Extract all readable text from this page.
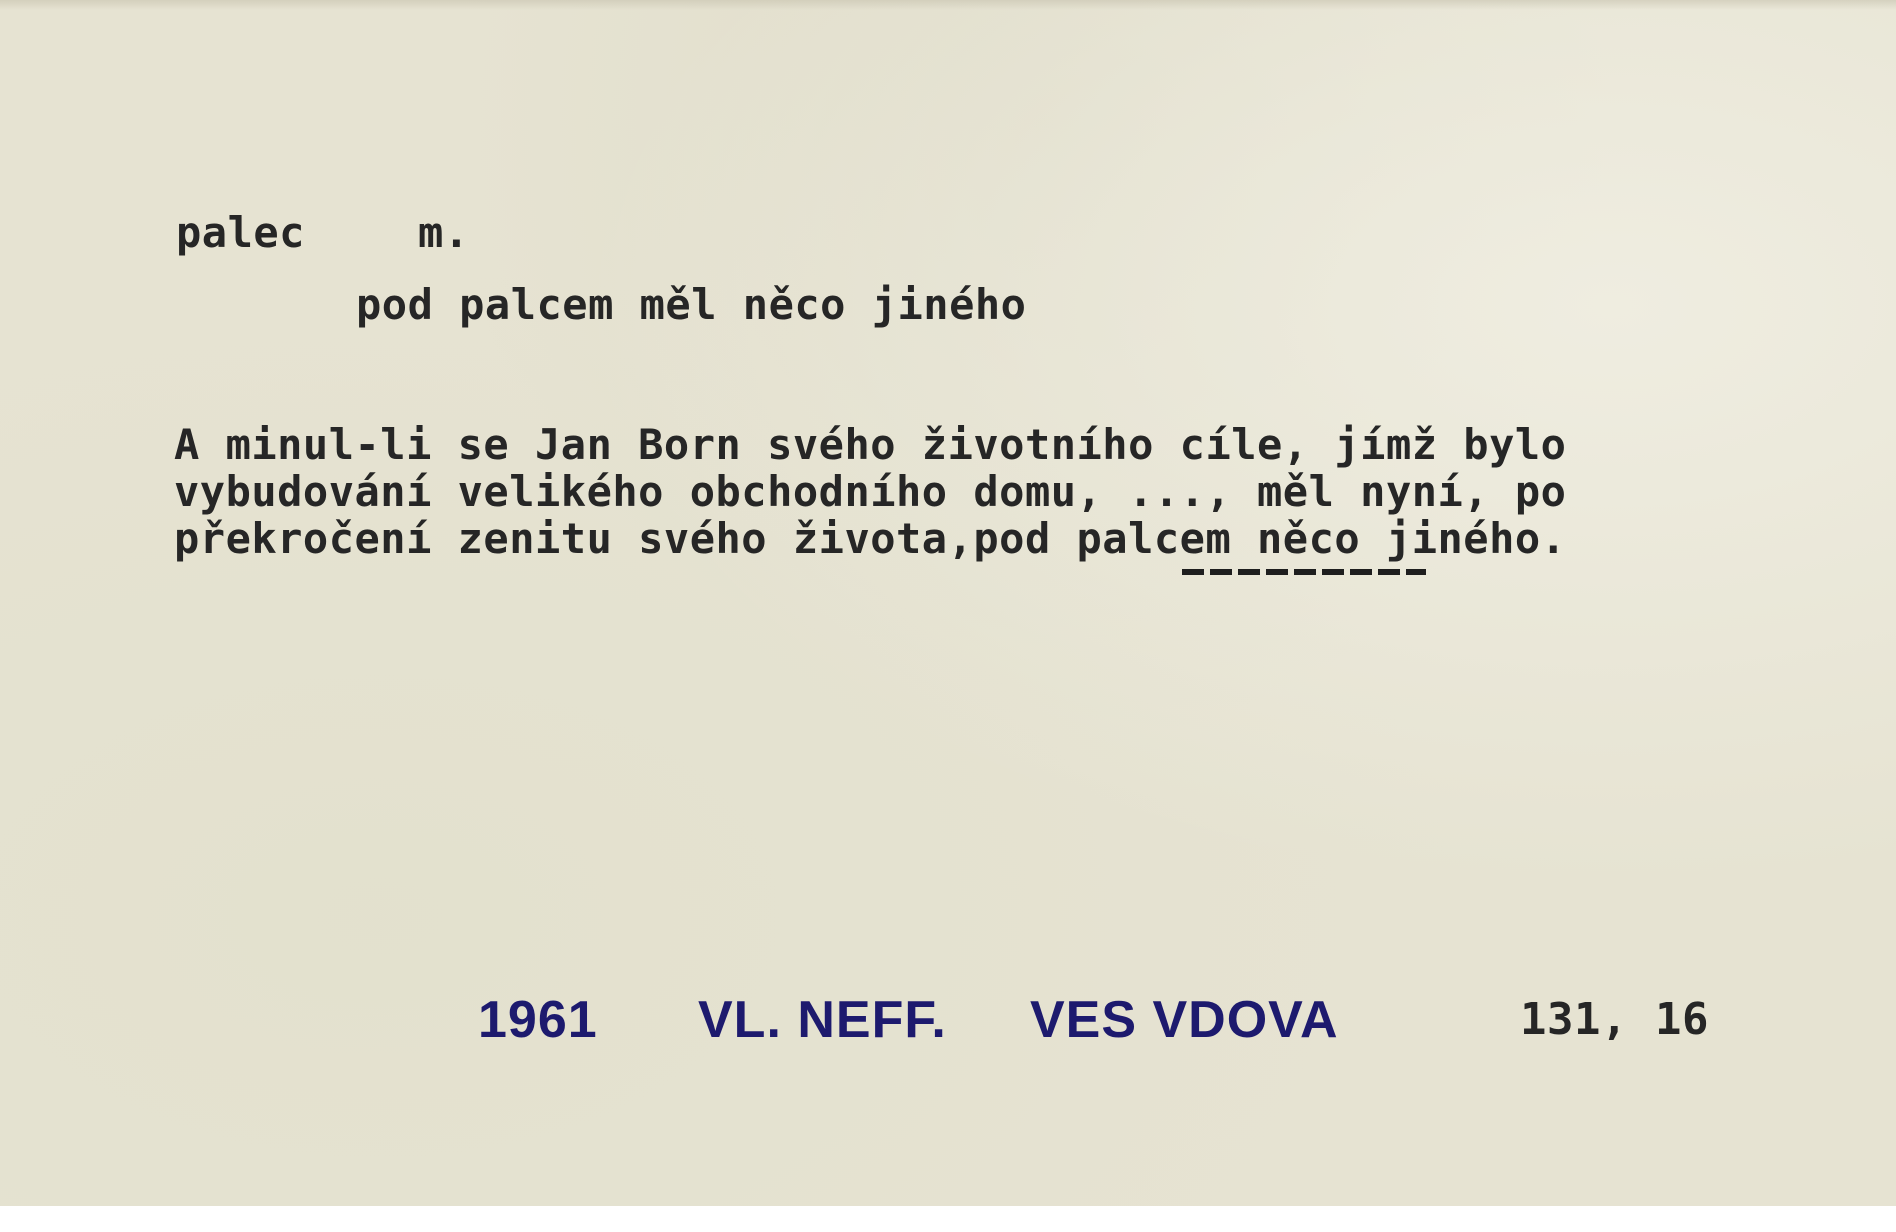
palec	m.
pod palcem měl něco jiného
A minul-li se Jan Born svého životního cíle, jímž bylo
vybudování velikého obchodního domu, ..., měl nyní, po
překročení zenitu svého života,pod palcem něco jiného.
1961 VL. NEFF. VES VDOVA	131, 16
